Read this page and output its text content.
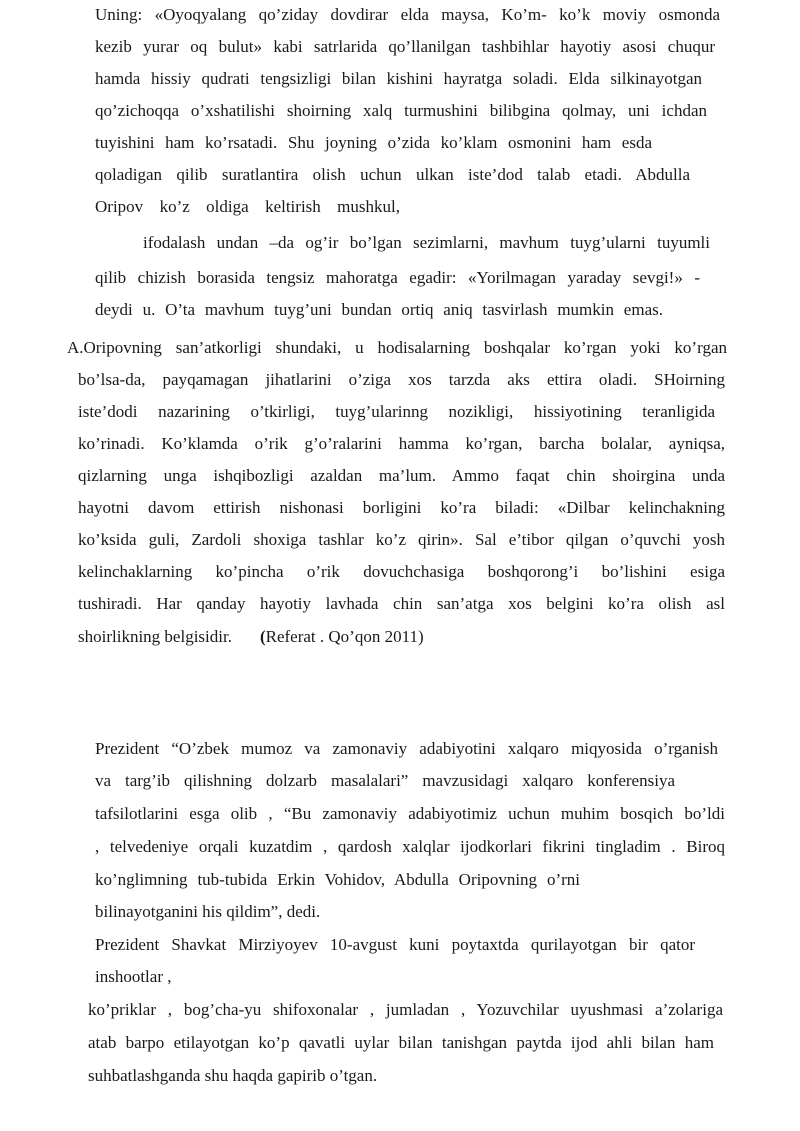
Uning: «Oyoqyalang qo’ziday dovdirar elda maysa, Ko’m- ko’k moviy osmonda
kezib yurar oq bulut» kabi satrlarida qo’llanilgan tashbihlar hayotiy asosi chuqur
hamda hissiy qudrati tengsizligi bilan kishini hayratga soladi. Elda silkinayotgan
qo’zichoqqa o’xshatilishi shoirning xalq turmushini bilibgina qolmay, uni ichdan
tuyishini ham ko’rsatadi. Shu joyning o’zida ko’klam osmonini ham esda
qoladigan qilib suratlantira olish uchun ulkan iste’dod talab etadi. Abdulla
Oripov ko’z oldiga keltirish mushkul,
ifodalash undan –da og’ir bo’lgan sezimlarni, mavhum tuyg’ularni tuyumli
qilib chizish borasida tengsiz mahoratga egadir: «Yorilmagan yaraday sevgi!» -
deydi u. O’ta mavhum tuyg’uni bundan ortiq aniq tasvirlash mumkin emas.
A.Oripovning san’atkorligi shundaki, u hodisalarning boshqalar ko’rgan yoki ko’rgan
bo’lsa-da, payqamagan jihatlarini o’ziga xos tarzda aks ettira oladi. SHoirning
iste’dodi nazarining o’tkirligi, tuyg’ularinng nozikligi, hissiyotining teranligida
ko’rinadi. Ko’klamda o’rik g’o’ralarini hamma ko’rgan, barcha bolalar, ayniqsa,
qizlarning unga ishqibozligi azaldan ma’lum. Ammo faqat chin shoirgina unda
hayotni davom ettirish nishonasi borligini ko’ra biladi: «Dilbar kelinchakning
ko’ksida guli, Zardoli shoxiga tashlar ko’z qirin». Sal e’tibor qilgan o’quvchi yosh
kelinchaklarning ko’pincha o’rik dovuchchasiga boshqorong’i bo’lishini esiga
tushiradi. Har qanday hayotiy lavhada chin san’atga xos belgini ko’ra olish asl
shoirlikning belgisidir. (Referat . Qo’qon 2011)
Prezident “O’zbek mumoz va zamonaviy adabiyotini xalqaro miqyosida o’rganish
va targ’ib qilishning dolzarb masalalari” mavzusidagi xalqaro konferensiya
tafsilotlarini esga olib , “Bu zamonaviy adabiyotimiz uchun muhim bosqich bo’ldi
, telvedeniye orqali kuzatdim , qardosh xalqlar ijodkorlari fikrini tingladim . Biroq
ko’nglimning tub-tubida Erkin Vohidov, Abdulla Oripovning o’rni
bilinayotganini his qildim”, dedi.
Prezident Shavkat Mirziyoyev 10-avgust kuni poytaxtda qurilayotgan bir qator
inshootlar ,
ko’priklar , bog’cha-yu shifoxonalar , jumladan , Yozuvchilar uyushmasi a’zolariga
atab barpo etilayotgan ko’p qavatli uylar bilan tanishgan paytda ijod ahli bilan ham
suhbatlashganda shu haqda gapirib o’tgan.
